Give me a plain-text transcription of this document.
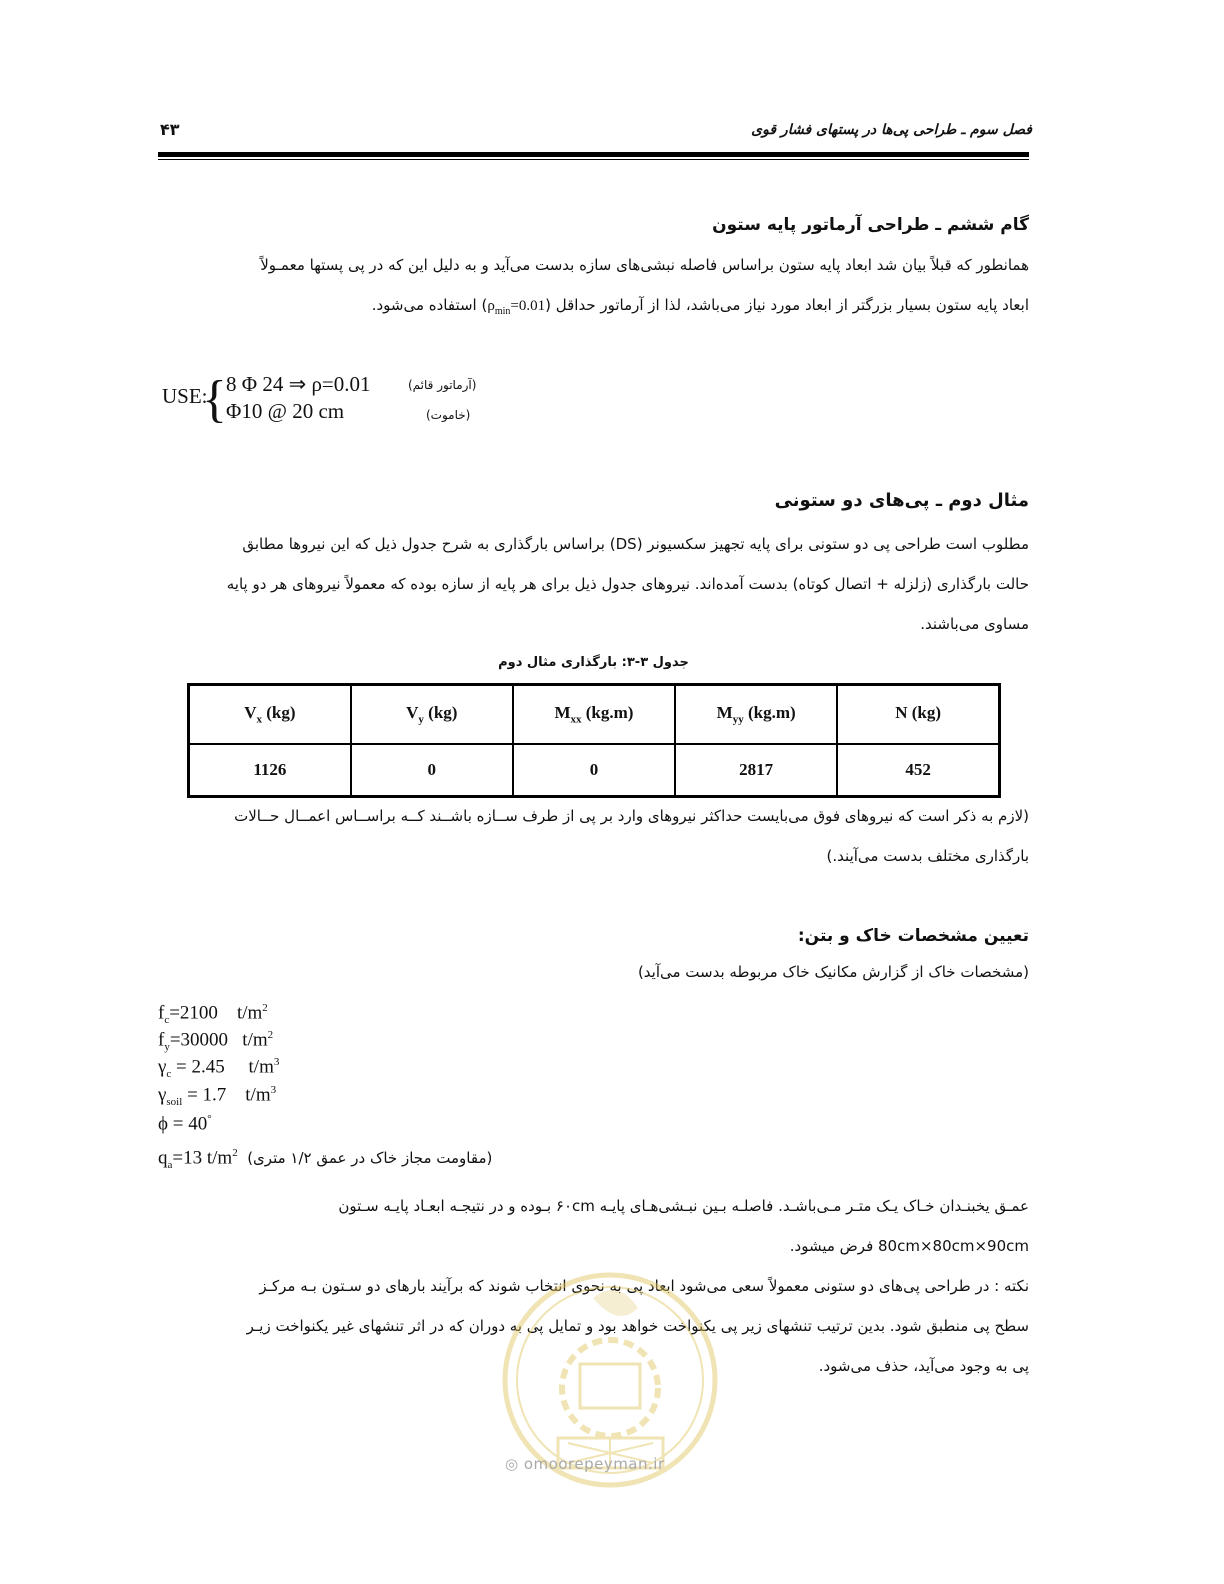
فصل سوم ـ طراحی پی‌ها در پستهای فشار قوی
۴۳
گام ششم ـ طراحی آرماتور پایه ستون
همانطور که قبلاً بیان شد ابعاد پایه ستون براساس فاصله نبشی‌های سازه بدست می‌آید و به دلیل این که در پی پستها معمـولاً
ابعاد پایه ستون بسیار بزرگتر از ابعاد مورد نیاز می‌باشد، لذا از آرماتور حداقل $(\rho_{min}=0.01)$ استفاده می‌شود.
USE:
{ 8 Φ 24 ⇒ ρ=0.01
Φ10 @ 20 cm
(آرماتور قائم)
(خاموت)
مثال دوم ـ پی‌های دو ستونی
مطلوب است طراحی پی دو ستونی برای پایه تجهیز سکسیونر (DS) براساس بارگذاری به شرح جدول ذیل که این نیروها مطابق
حالت بارگذاری (زلزله + اتصال کوتاه) بدست آمده‌اند. نیروهای جدول ذیل برای هر پایه از سازه بوده که معمولاً نیروهای هر دو پایه
مساوی می‌باشند.
جدول ۳-۳: بارگذاری مثال دوم
$V_x$ (kg)	$V_y$ (kg)	$M_{xx}$ (kg.m)	$M_{yy}$ (kg.m)	N (kg)
1126	0	0	2817	452
(لازم به ذکر است که نیروهای فوق می‌بایست حداکثر نیروهای وارد بر پی از طرف ســازه باشــند کــه براســاس اعمــال حــالات
بارگذاری مختلف بدست می‌آیند.)
تعیین مشخصات خاک و بتن:
(مشخصات خاک از گزارش مکانیک خاک مربوطه بدست می‌آید)
$f_c=2100$ $t/m^2$
$f_y=30000$ $t/m^2$
$\gamma_c = 2.45$ $t/m^3$
$\gamma_{soil} = 1.7$ $t/m^3$
ϕ = 40°
$q_a=13$ $t/m^2$ (مقاومت مجاز خاک در عمق ۱/۲ متری)
عمـق یخبنـدان خـاک یـک متـر مـی‌باشـد. فاصلـه بـین نبـشی‌هـای پایـه ۶۰cm بـوده و در نتیجـه ابعـاد پایـه سـتون
80cm×80cm×90cm فرض میشود.
نکته : در طراحی پی‌های دو ستونی معمولاً سعی می‌شود ابعاد پی به نحوی انتخاب شوند که برآیند بارهای دو سـتون بـه مرکـز
سطح پی منطبق شود. بدین ترتیب تنشهای زیر پی یکنواخت خواهد بود و تمایل پی به دوران که در اثر تنشهای غیر یکنواخت زیـر
پی به وجود می‌آید، حذف می‌شود.
◎ omoorepeyman.ir
